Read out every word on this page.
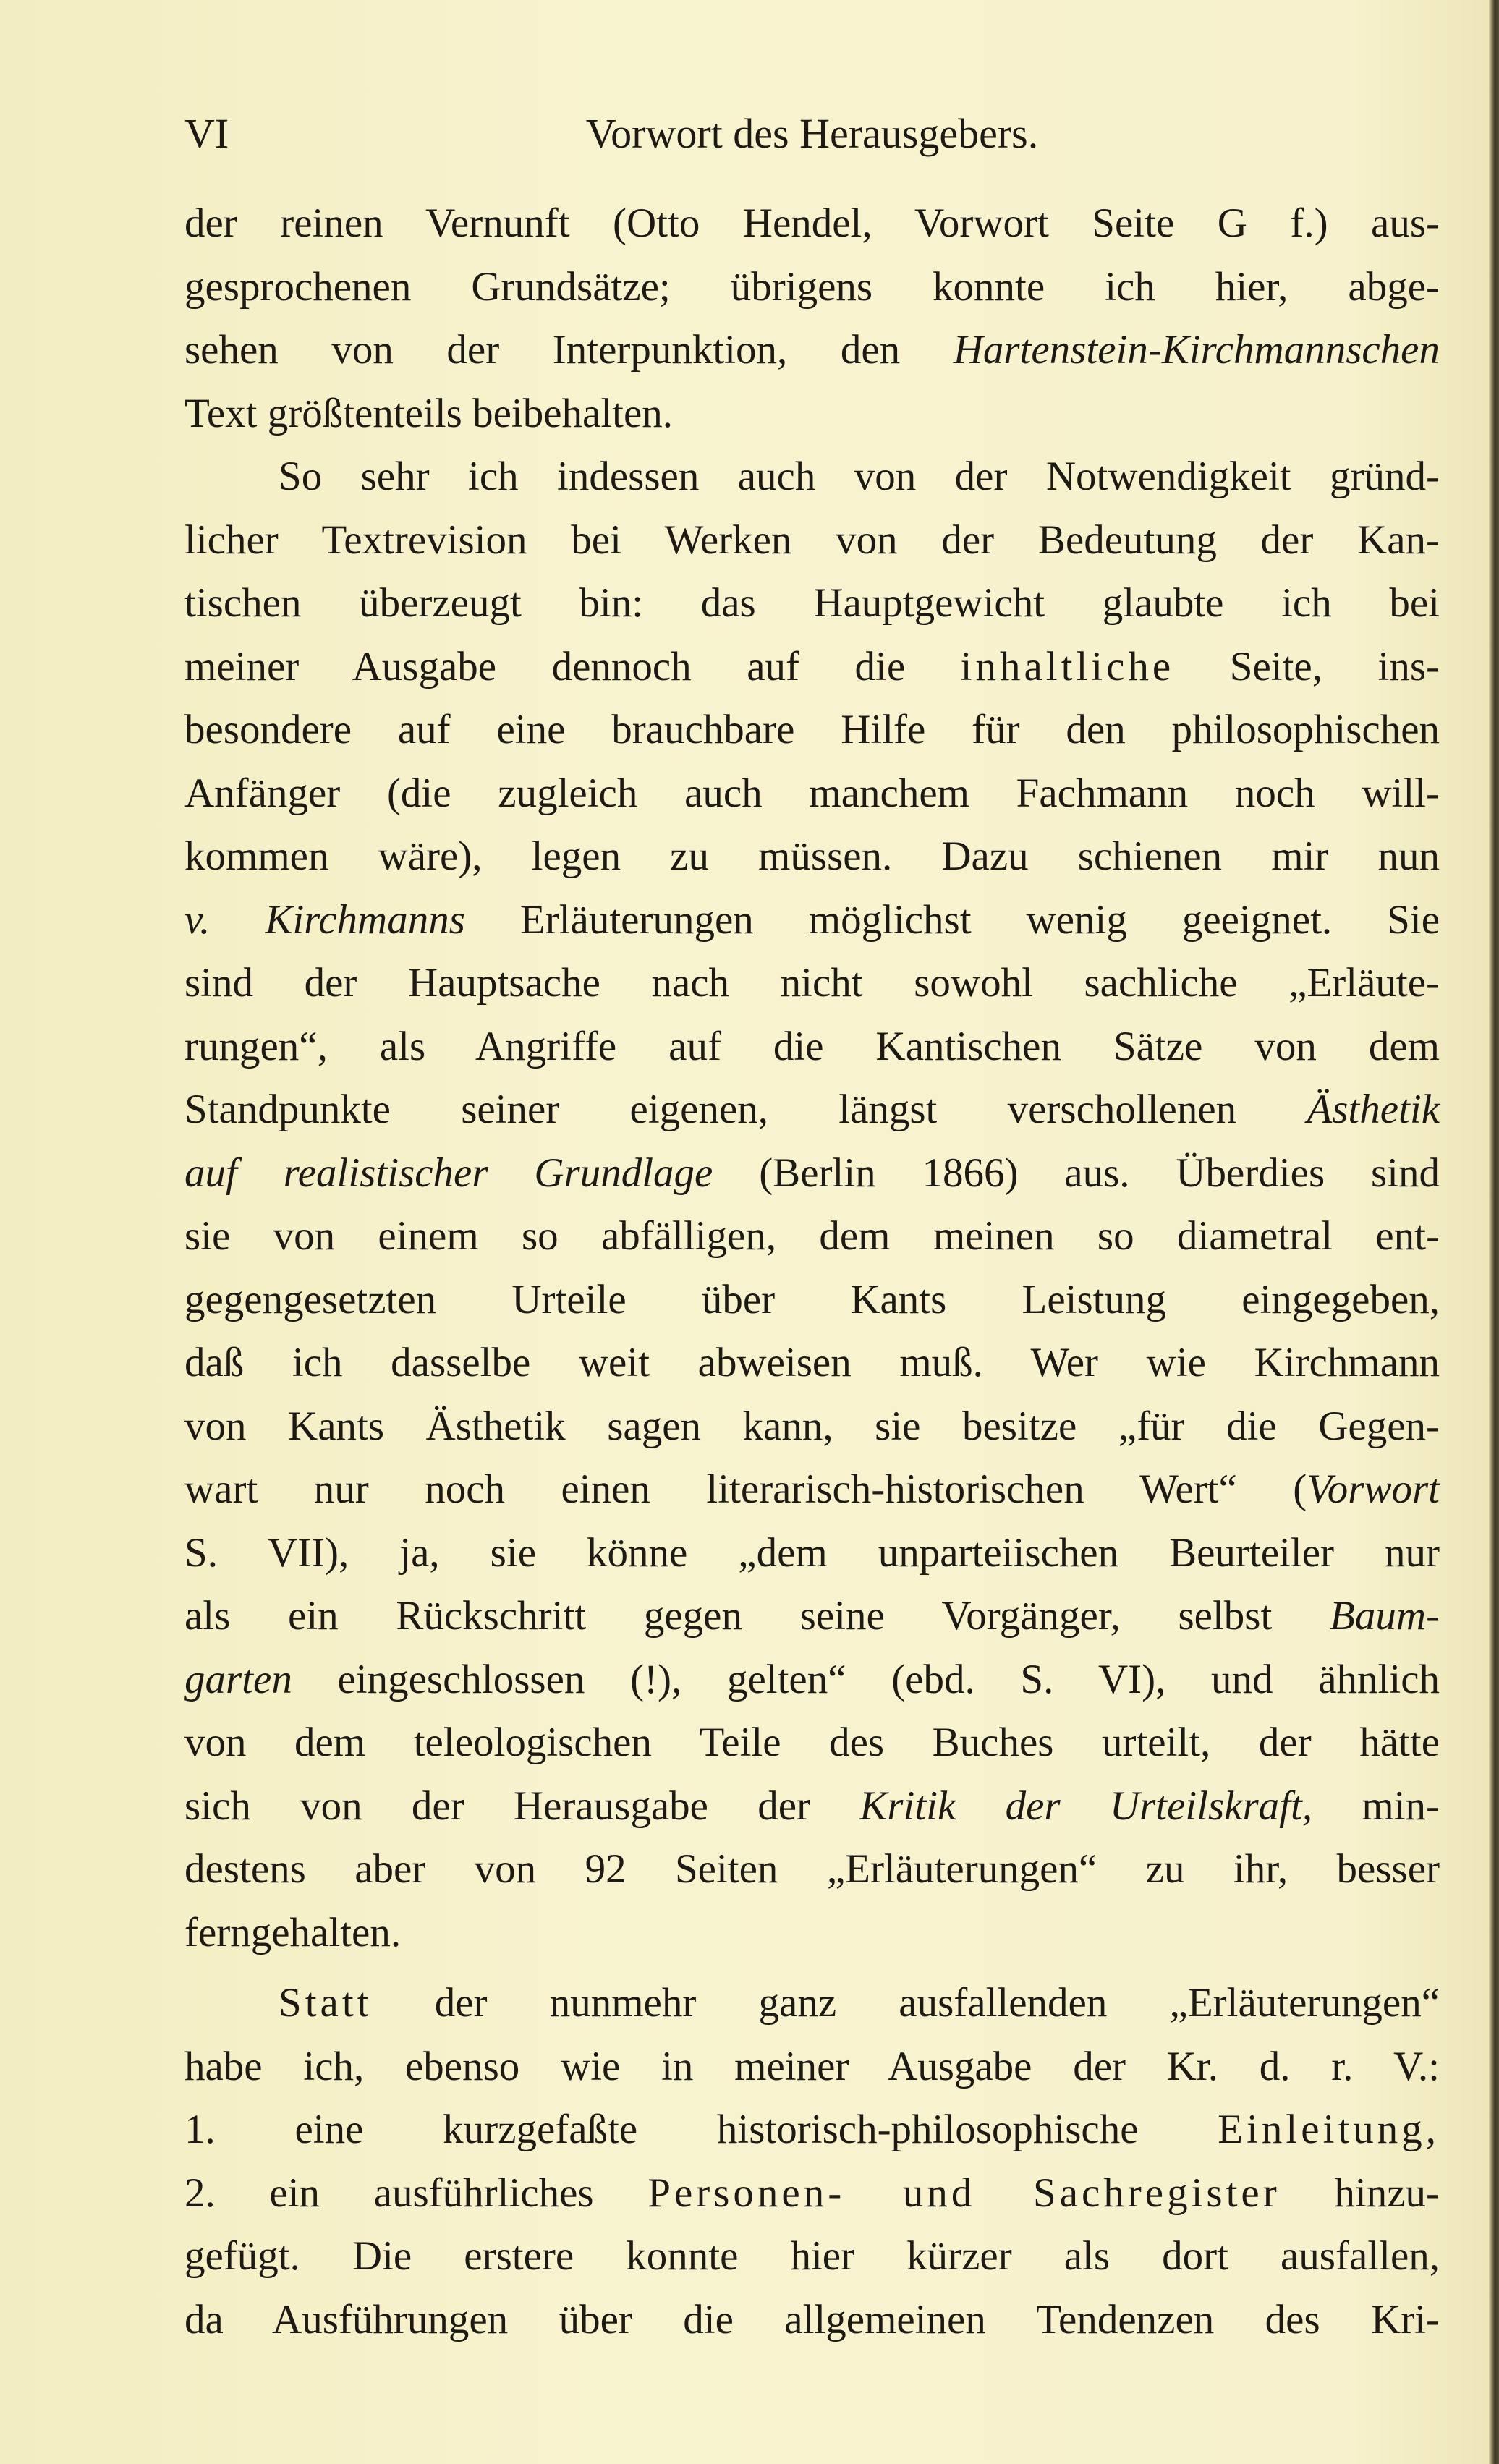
VI	Vorwort des Herausgebers.
der reinen Vernunft (Otto Hendel, Vorwort Seite G f.) aus-
gesprochenen Grundsätze; übrigens konnte ich hier, abge-
sehen von der Interpunktion, den Hartenstein-Kirchmannschen
Text größtenteils beibehalten.
So sehr ich indessen auch von der Notwendigkeit gründ-
licher Textrevision bei Werken von der Bedeutung der Kan-
tischen überzeugt bin: das Hauptgewicht glaubte ich bei
meiner Ausgabe dennoch auf die inhaltliche Seite, ins-
besondere auf eine brauchbare Hilfe für den philosophischen
Anfänger (die zugleich auch manchem Fachmann noch will-
kommen wäre), legen zu müssen. Dazu schienen mir nun
v. Kirchmanns Erläuterungen möglichst wenig geeignet. Sie
sind der Hauptsache nach nicht sowohl sachliche „Erläute-
rungen“, als Angriffe auf die Kantischen Sätze von dem
Standpunkte seiner eigenen, längst verschollenen Ästhetik
auf realistischer Grundlage (Berlin 1866) aus. Überdies sind
sie von einem so abfälligen, dem meinen so diametral ent-
gegengesetzten Urteile über Kants Leistung eingegeben,
daß ich dasselbe weit abweisen muß. Wer wie Kirchmann
von Kants Ästhetik sagen kann, sie besitze „für die Gegen-
wart nur noch einen literarisch-historischen Wert“ (Vorwort
S. VII), ja, sie könne „dem unparteiischen Beurteiler nur
als ein Rückschritt gegen seine Vorgänger, selbst Baum-
garten eingeschlossen (!), gelten“ (ebd. S. VI), und ähnlich
von dem teleologischen Teile des Buches urteilt, der hätte
sich von der Herausgabe der Kritik der Urteilskraft, min-
destens aber von 92 Seiten „Erläuterungen“ zu ihr, besser
ferngehalten.
Statt der nunmehr ganz ausfallenden „Erläuterungen“
habe ich, ebenso wie in meiner Ausgabe der Kr. d. r. V.:
1. eine kurzgefaßte historisch-philosophische Einleitung,
2. ein ausführliches Personen- und Sachregister hinzu-
gefügt. Die erstere konnte hier kürzer als dort ausfallen,
da Ausführungen über die allgemeinen Tendenzen des Kri-
